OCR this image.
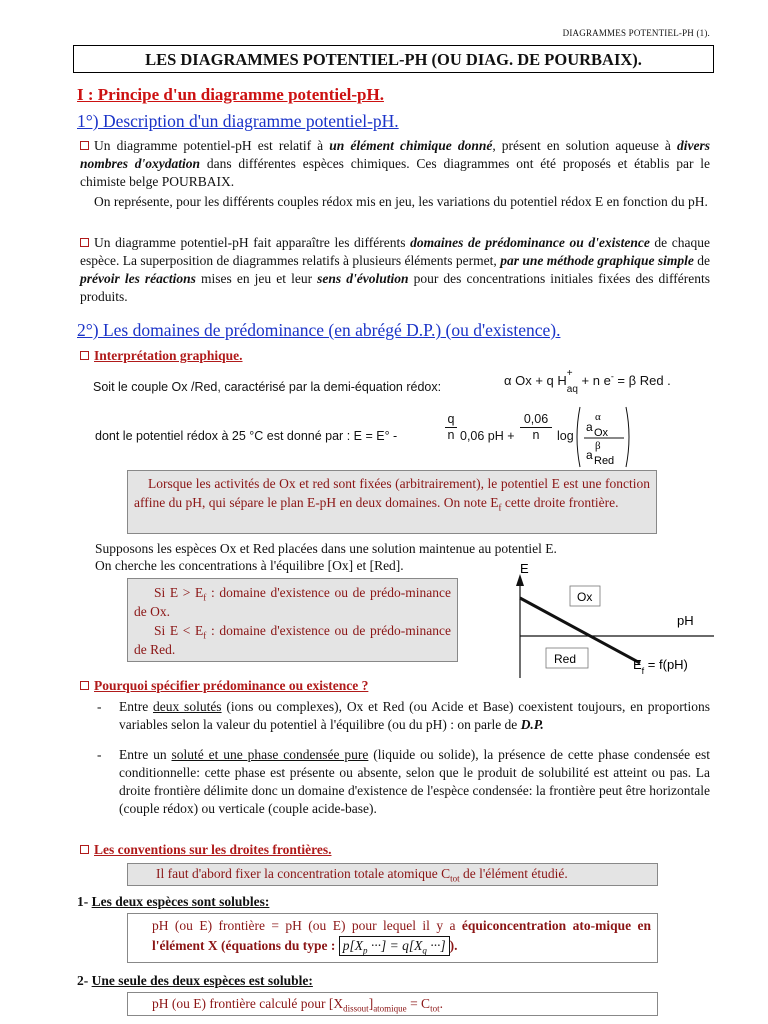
DIAGRAMMES POTENTIEL-PH (1).
LES DIAGRAMMES POTENTIEL-PH (OU DIAG. DE POURBAIX).
I : Principe d'un diagramme potentiel-pH.
1°) Description d'un diagramme potentiel-pH.
Un diagramme potentiel-pH est relatif à un élément chimique donné, présent en solution aqueuse à divers nombres d'oxydation dans différentes espèces chimiques. Ces diagrammes ont été proposés et établis par le chimiste belge POURBAIX.
On représente, pour les différents couples rédox mis en jeu, les variations du potentiel rédox E en fonction du pH.
Un diagramme potentiel-pH fait apparaître les différents domaines de prédominance ou d'existence de chaque espèce. La superposition de diagrammes relatifs à plusieurs éléments permet, par une méthode graphique simple de prévoir les réactions mises en jeu et leur sens d'évolution pour des concentrations initiales fixées des différents produits.
2°) Les domaines de prédominance (en abrégé D.P.) (ou d'existence).
Interprétation graphique.
Soit le couple Ox /Red, caractérisé par la demi-équation rédox:	α Ox + q H +
$_{aq}$ + n e- = β Red .
dont le potentiel rédox à 25 °C est donné par : E = E° -
q
n 0,06 pH +
0,06
n	log
a Ox
α
a Red
β
Lorsque les activités de Ox et red sont fixées (arbitrairement), le potentiel E est une fonction affine du pH, qui sépare le plan E-pH en deux domaines. On note $E_f$ cette droite frontière.
Supposons les espèces Ox et Red placées dans une solution maintenue au potentiel E.
On cherche les concentrations à l'équilibre [Ox] et [Red].
Si $E > E_f$ : domaine d'existence ou de prédo-minance de Ox.
Si $E < E_f$ : domaine d'existence ou de prédo-minance de Red.
E
pH
Ox
Red	$E_f = f(pH)$
Pourquoi spécifier prédominance ou existence ?
- Entre deux solutés (ions ou complexes), Ox et Red (ou Acide et Base) coexistent toujours, en proportions variables selon la valeur du potentiel à l'équilibre (ou du pH) : on parle de D.P.
- Entre un soluté et une phase condensée pure (liquide ou solide), la présence de cette phase condensée est conditionnelle: cette phase est présente ou absente, selon que le produit de solubilité est atteint ou pas. La droite frontière délimite donc un domaine d'existence de l'espèce condensée: la frontière peut être horizontale (couple rédox) ou verticale (couple acide-base).
Les conventions sur les droites frontières.
Il faut d'abord fixer la concentration totale atomique $C_{tot}$ de l'élément étudié.
1- Les deux espèces sont solubles:
pH (ou E) frontière = pH (ou E) pour lequel il y a équiconcentration ato-mique en l'élément X (équations du type : $p[X_p$ ···] = $q[X_q$ ···] ).
2- Une seule des deux espèces est soluble:
pH (ou E) frontière calculé pour $[X_{dissout}]_{atomique} = C_{tot}$.
